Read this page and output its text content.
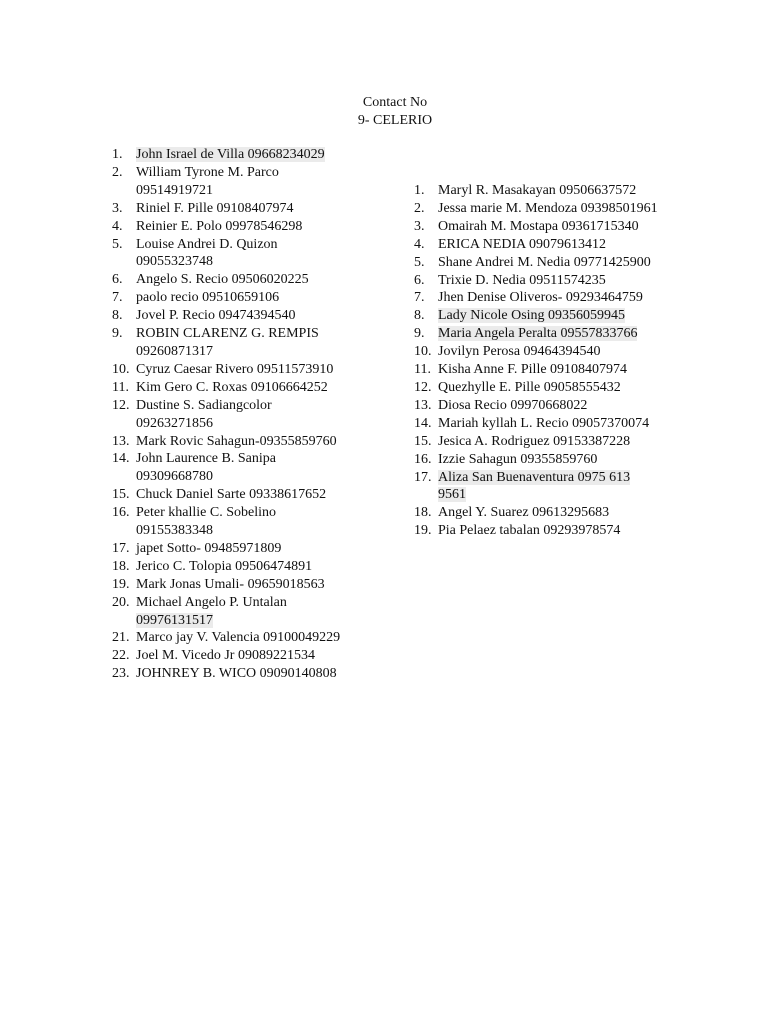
Contact No
9- CELERIO
1. John Israel de Villa 09668234029
2. William Tyrone M. Parco
09514919721
3. Riniel F. Pille 09108407974
4. Reinier E. Polo 09978546298
5. Louise Andrei D. Quizon
09055323748
6. Angelo S. Recio 09506020225
7. paolo recio 09510659106
8. Jovel P. Recio 09474394540
9. ROBIN CLARENZ G. REMPIS
09260871317
10. Cyruz Caesar Rivero 09511573910
11. Kim Gero C. Roxas 09106664252
12. Dustine S. Sadiangcolor
09263271856
13. Mark Rovic Sahagun-09355859760
14. John Laurence B. Sanipa
09309668780
15. Chuck Daniel Sarte 09338617652
16. Peter khallie C. Sobelino
09155383348
17. japet Sotto- 09485971809
18. Jerico C. Tolopia 09506474891
19. Mark Jonas Umali- 09659018563
20. Michael Angelo P. Untalan
09976131517
21. Marco jay V. Valencia 09100049229
22. Joel M. Vicedo Jr 09089221534
23. JOHNREY B. WICO 09090140808
1. Maryl R. Masakayan 09506637572
2. Jessa marie M. Mendoza 09398501961
3. Omairah M. Mostapa 09361715340
4. ERICA NEDIA 09079613412
5. Shane Andrei M. Nedia 09771425900
6. Trixie D. Nedia 09511574235
7. Jhen Denise Oliveros- 09293464759
8. Lady Nicole Osing 09356059945
9. Maria Angela Peralta 09557833766
10. Jovilyn Perosa 09464394540
11. Kisha Anne F. Pille 09108407974
12. Quezhylle E. Pille 09058555432
13. Diosa Recio 09970668022
14. Mariah kyllah L. Recio 09057370074
15. Jesica A. Rodriguez 09153387228
16. Izzie Sahagun 09355859760
17. Aliza San Buenaventura 0975 613
9561
18. Angel Y. Suarez 09613295683
19. Pia Pelaez tabalan 09293978574
